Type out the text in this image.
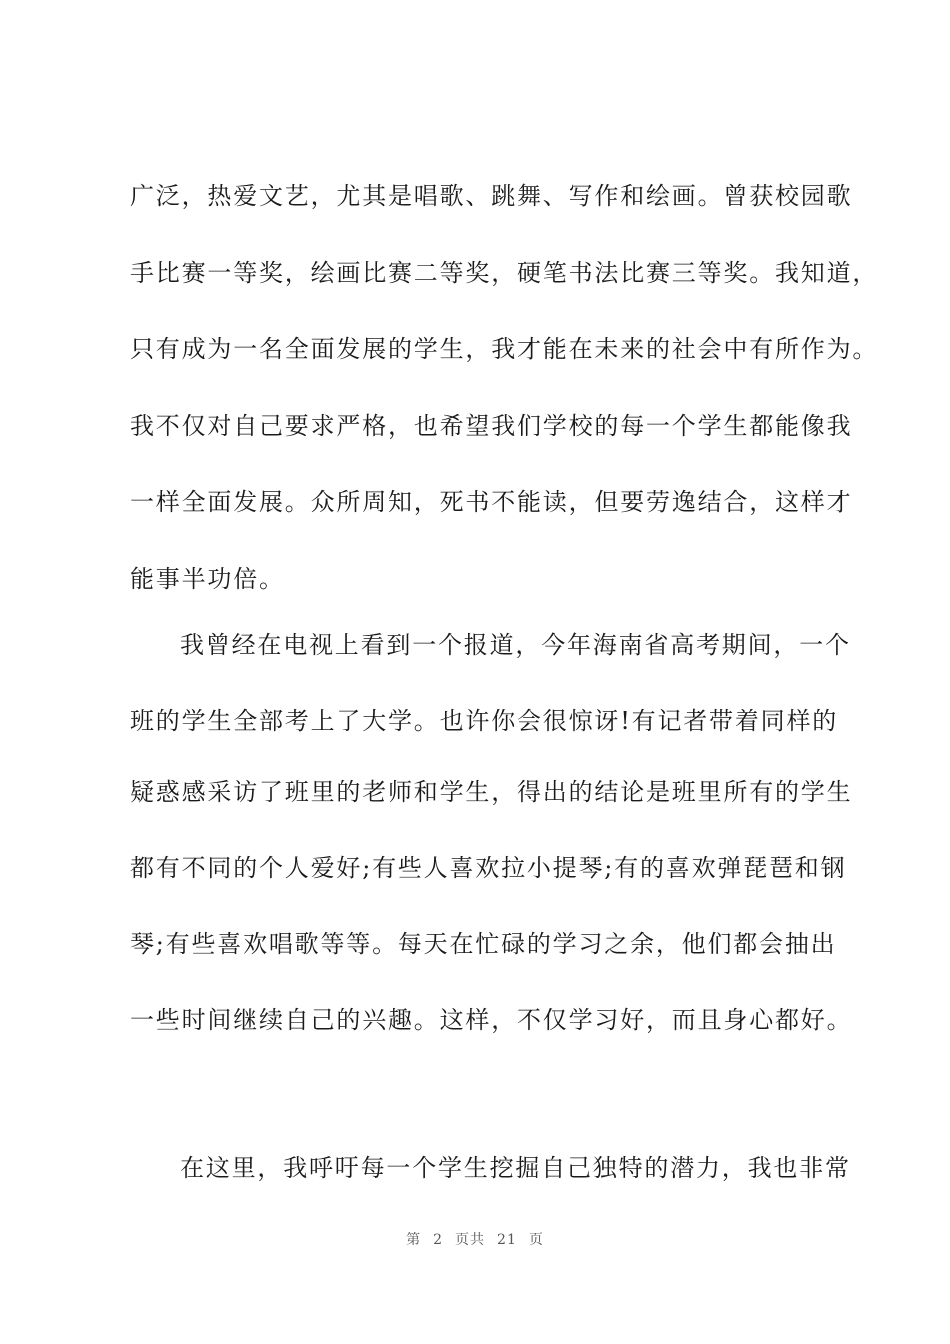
广泛，热爱文艺，尤其是唱歌、跳舞、写作和绘画。曾获校园歌
手比赛一等奖，绘画比赛二等奖，硬笔书法比赛三等奖。我知道，
只有成为一名全面发展的学生，我才能在未来的社会中有所作为。
我不仅对自己要求严格，也希望我们学校的每一个学生都能像我
一样全面发展。众所周知，死书不能读，但要劳逸结合，这样才
能事半功倍。
我曾经在电视上看到一个报道，今年海南省高考期间，一个
班的学生全部考上了大学。也许你会很惊讶!有记者带着同样的
疑惑感采访了班里的老师和学生，得出的结论是班里所有的学生
都有不同的个人爱好;有些人喜欢拉小提琴;有的喜欢弹琵琶和钢
琴;有些喜欢唱歌等等。每天在忙碌的学习之余，他们都会抽出
一些时间继续自己的兴趣。这样，不仅学习好，而且身心都好。
在这里，我呼吁每一个学生挖掘自己独特的潜力，我也非常
第 2 页共 21 页
